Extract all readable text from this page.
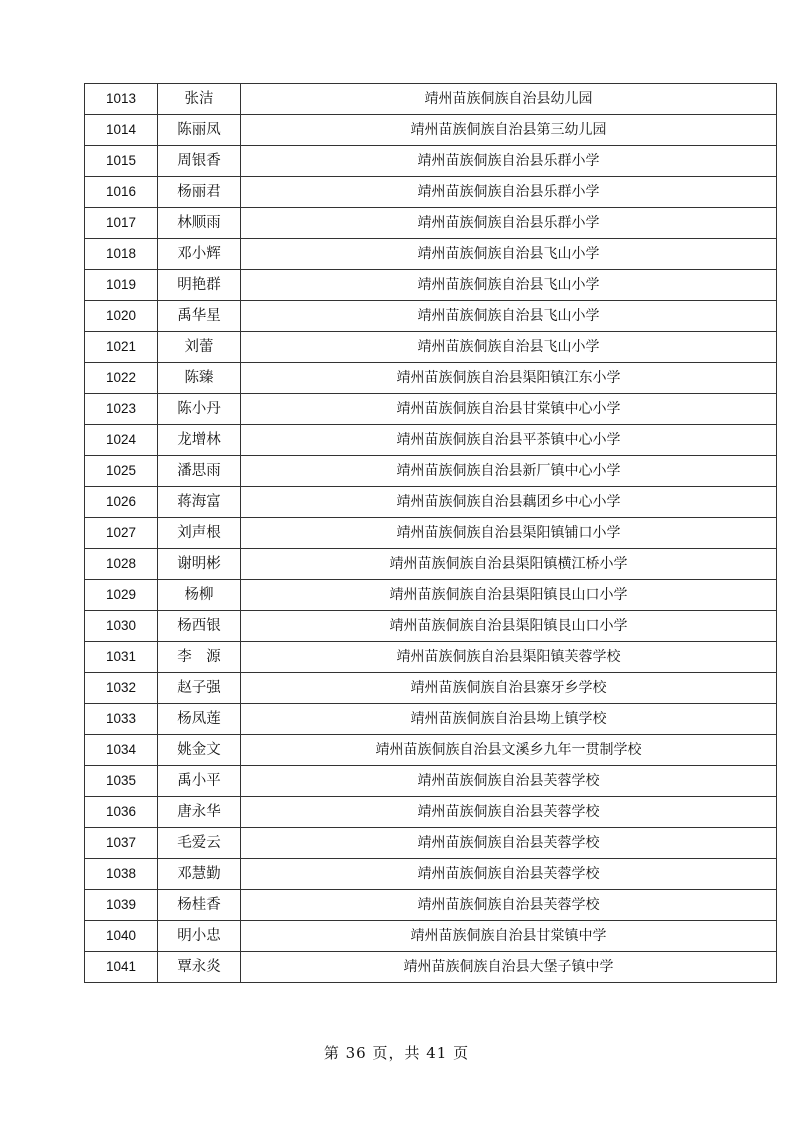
1013	张洁	靖州苗族侗族自治县幼儿园
1014	陈丽凤	靖州苗族侗族自治县第三幼儿园
1015	周银香	靖州苗族侗族自治县乐群小学
1016	杨丽君	靖州苗族侗族自治县乐群小学
1017	林顺雨	靖州苗族侗族自治县乐群小学
1018	邓小辉	靖州苗族侗族自治县飞山小学
1019	明艳群	靖州苗族侗族自治县飞山小学
1020	禹华星	靖州苗族侗族自治县飞山小学
1021	刘蕾	靖州苗族侗族自治县飞山小学
1022	陈臻	靖州苗族侗族自治县渠阳镇江东小学
1023	陈小丹	靖州苗族侗族自治县甘棠镇中心小学
1024	龙增林	靖州苗族侗族自治县平茶镇中心小学
1025	潘思雨	靖州苗族侗族自治县新厂镇中心小学
1026	蒋海富	靖州苗族侗族自治县藕团乡中心小学
1027	刘声根	靖州苗族侗族自治县渠阳镇铺口小学
1028	谢明彬	靖州苗族侗族自治县渠阳镇横江桥小学
1029	杨柳	靖州苗族侗族自治县渠阳镇艮山口小学
1030	杨西银	靖州苗族侗族自治县渠阳镇艮山口小学
1031	李　源	靖州苗族侗族自治县渠阳镇芙蓉学校
1032	赵子强	靖州苗族侗族自治县寨牙乡学校
1033	杨凤莲	靖州苗族侗族自治县坳上镇学校
1034	姚金文	靖州苗族侗族自治县文溪乡九年一贯制学校
1035	禹小平	靖州苗族侗族自治县芙蓉学校
1036	唐永华	靖州苗族侗族自治县芙蓉学校
1037	毛爱云	靖州苗族侗族自治县芙蓉学校
1038	邓慧勤	靖州苗族侗族自治县芙蓉学校
1039	杨桂香	靖州苗族侗族自治县芙蓉学校
1040	明小忠	靖州苗族侗族自治县甘棠镇中学
1041	覃永炎	靖州苗族侗族自治县大堡子镇中学
第 36 页，共 41 页
